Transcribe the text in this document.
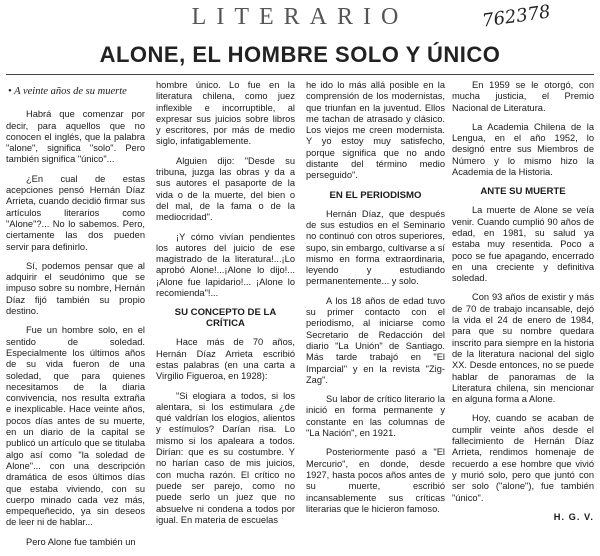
LITERARIO	762378
ALONE, EL HOMBRE SOLO Y ÚNICO
• A veinte años de su muerte

Habrá que comenzar por decir, para aquellos que no conocen el inglés, que la palabra "alone", significa "solo". Pero también significa "único"...

¿En cual de estas acepciones pensó Hernán Díaz Arrieta, cuando decidió firmar sus artículos literarios como "Alone"?... No lo sabemos. Pero, ciertamente las dos pueden servir para definirlo.

Sí, podemos pensar que al adquirir el seudónimo que se impuso sobre su nombre, Hernán Díaz fijó también su propio destino.

Fue un hombre solo, en el sentido de soledad. Especialmente los últimos años de su vida fueron de una soledad, que para quienes necesitamos de la diaria convivencia, nos resulta extraña e inexplicable. Hace veinte años, pocos días antes de su muerte, en un diario de la capital se publicó un artículo que se titulaba algo así como "la soledad de Alone"... con una descripción dramática de esos últimos días que estaba viviendo, con su cuerpo minado cada vez más, empequeñecido, ya sin deseos de leer ni de hablar...

Pero Alone fue también un

hombre único. Lo fue en la literatura chilena, como juez inflexible e incorruptible, al expresar sus juicios sobre libros y escritores, por más de medio siglo, infatigablemente.

Alguien dijo: "Desde su tribuna, juzga las obras y da a sus autores el pasaporte de la vida o de la muerte, del bien o del mal, de la fama o de la mediocridad".

¡Y cómo vivían pendientes los autores del juicio de ese magistrado de la literatura!...¡Lo aprobó Alone!...¡Alone lo dijo!...¡Alone fue lapidario!... ¡Alone lo recomienda"!...

SU CONCEPTO DE LA CRÍTICA

Hace más de 70 años, Hernán Díaz Arrieta escribió estas palabras (en una carta a Virgilio Figueroa, en 1928):

"Si elogiara a todos, si los alentara, si los estimulara ¿de qué valdrían los elogios, alientos y estímulos? Darían risa. Lo mismo si los apaleara a todos. Dirían: que es su costumbre. Y no harían caso de mis juicios, con mucha razón. El crítico no puede ser parejo, como no puede serlo un juez que no absuelve ni condena a todos por igual. En materia de escuelas

he ido lo más allá posible en la comprensión de los modernistas, que triunfan en la juventud. Ellos me tachan de atrasado y clásico. Los viejos me creen modernista. Y yo estoy muy satisfecho, porque significa que no ando distante del término medio perseguido".

EN EL PERIODISMO

Hernán Díaz, que después de sus estudios en el Seminario no continuó con otros superiores, supo, sin embargo, cultivarse a sí mismo en forma extraordinaria, leyendo y estudiando permanentemente... y solo.

A los 18 años de edad tuvo su primer contacto con el periodismo, al iniciarse como Secretario de Redacción del diario "La Unión" de Santiago. Más tarde trabajó en "El Imparcial" y en la revista "Zig-Zag".

Su labor de crítico literario la inició en forma permanente y constante en las columnas de "La Nación", en 1921.

Posteriormente pasó a "El Mercurio", en donde, desde 1927, hasta pocos años antes de su muerte, escribió incansablemente sus críticas literarias que le hicieron famoso.

En 1959 se le otorgó, con mucha justicia, el Premio Nacional de Literatura.

La Academia Chilena de la Lengua, en el año 1952, lo designó entre sus Miembros de Número y lo mismo hizo la Academia de la Historia.

ANTE SU MUERTE

La muerte de Alone se veía venir. Cuando cumplió 90 años de edad, en 1981, su salud ya estaba muy resentida. Poco a poco se fue apagando, encerrado en una creciente y definitiva soledad.

Con 93 años de existir y más de 70 de trabajo incansable, dejó la vida el 24 de enero de 1984, para que su nombre quedara inscrito para siempre en la historia de la literatura nacional del siglo XX. Desde entonces, no se puede hablar de panoramas de la Literatura chilena, sin mencionar en alguna forma a Alone.

Hoy, cuando se acaban de cumplir veinte años desde el fallecimiento de Hernán Díaz Arrieta, rendimos homenaje de recuerdo a ese hombre que vivió y murió solo, pero que juntó con ser solo ("alone"), fue también "único".

H. G. V.
